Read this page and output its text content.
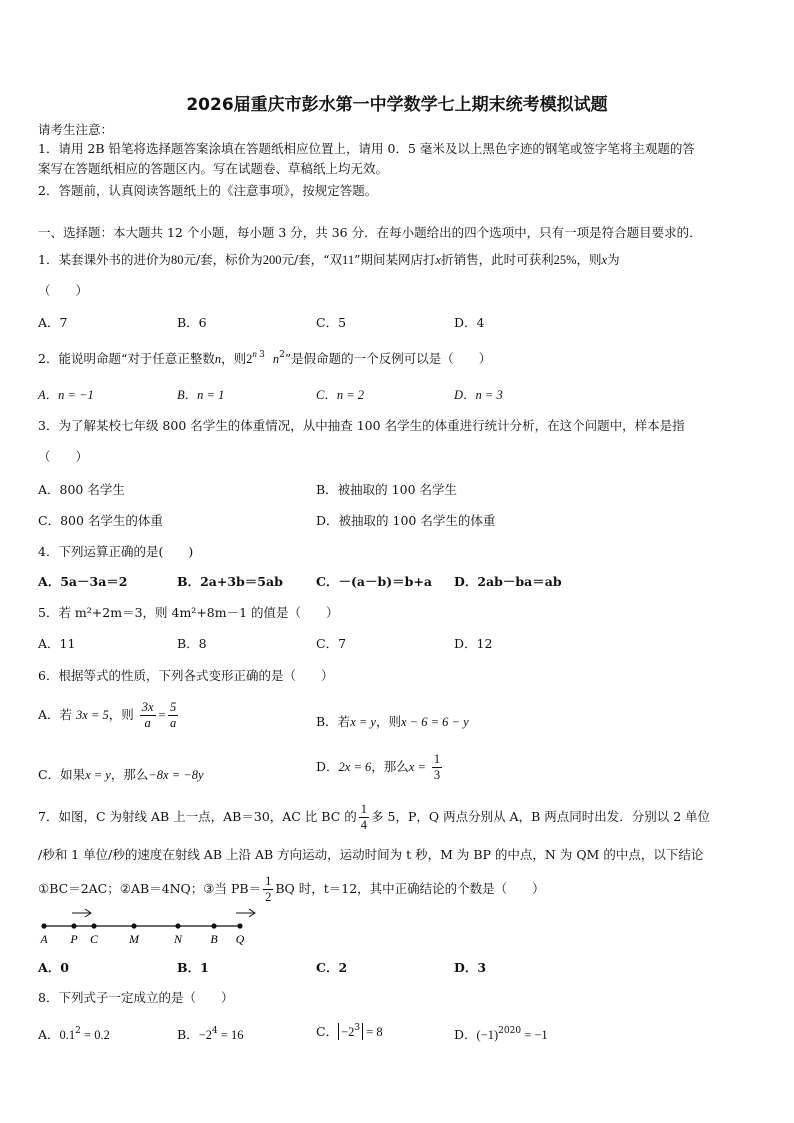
2026届重庆市彭水第一中学数学七上期末统考模拟试题
请考生注意：
1．请用 2B 铅笔将选择题答案涂填在答题纸相应位置上，请用 0．5 毫米及以上黑色字迹的钢笔或签字笔将主观题的答
案写在答题纸相应的答题区内。写在试题卷、草稿纸上均无效。
2．答题前，认真阅读答题纸上的《注意事项》，按规定答题。
一、选择题：本大题共 12 个小题，每小题 3 分，共 36 分．在每小题给出的四个选项中，只有一项是符合题目要求的．
1．某套课外书的进价为80元/套，标价为200元/套，“双11”期间某网店打x折销售，此时可获利25%，则x为
（　　）
A．7	B．6	C．5	D．4
2．能说明命题“对于任意正整数n，则2$^n$ $^3$ $n^2$”是假命题的一个反例可以是（　　）
A．n = −1	B．n = 1	C．n = 2	D．n = 3
3．为了解某校七年级 800 名学生的体重情况，从中抽查 100 名学生的体重进行统计分析，在这个问题中，样本是指
（　　）
A．800 名学生	B．被抽取的 100 名学生
C．800 名学生的体重	D．被抽取的 100 名学生的体重
4．下列运算正确的是(　　)
A．5a－3a＝2	B．2a+3b＝5ab	C．－(a－b)＝b+a D．2ab－ba＝ab
5．若 m²+2m＝3，则 4m²+8m－1 的值是（　　）
A．11	B．8	C．7	D．12
6．根据等式的性质，下列各式变形正确的是（　　）
A．若 3x = 5，则 $\frac{3x}{a} = \frac{5}{a}$	B．若x = y，则x − 6 = 6 − y
C．如果x = y，那么−8x = −8y
D．2x = 6，那么$x = \frac{1}{3}$
7．如图，C 为射线 AB 上一点，AB＝30，AC 比 BC 的 $\frac{1}{4}$ 多 5，P，Q 两点分别从 A，B 两点同时出发．分别以 2 单位
/秒和 1 单位/秒的速度在射线 AB 上沿 AB 方向运动，运动时间为 t 秒，M 为 BP 的中点，N 为 QM 的中点，以下结论
①BC＝2AC；②AB＝4NQ；③当 $PB= \frac{1}{2}$ BQ 时，t＝12，其中正确结论的个数是（　　）
A P C	M	N B Q
A．0	B．1	C．2	D．3
8．下列式子一定成立的是（　　）
A．$0.1^2 = 0.2$	B．$-2^4 = 16$	C． $-2^3 = 8$	D．$(-1)^{2020} = -1$
